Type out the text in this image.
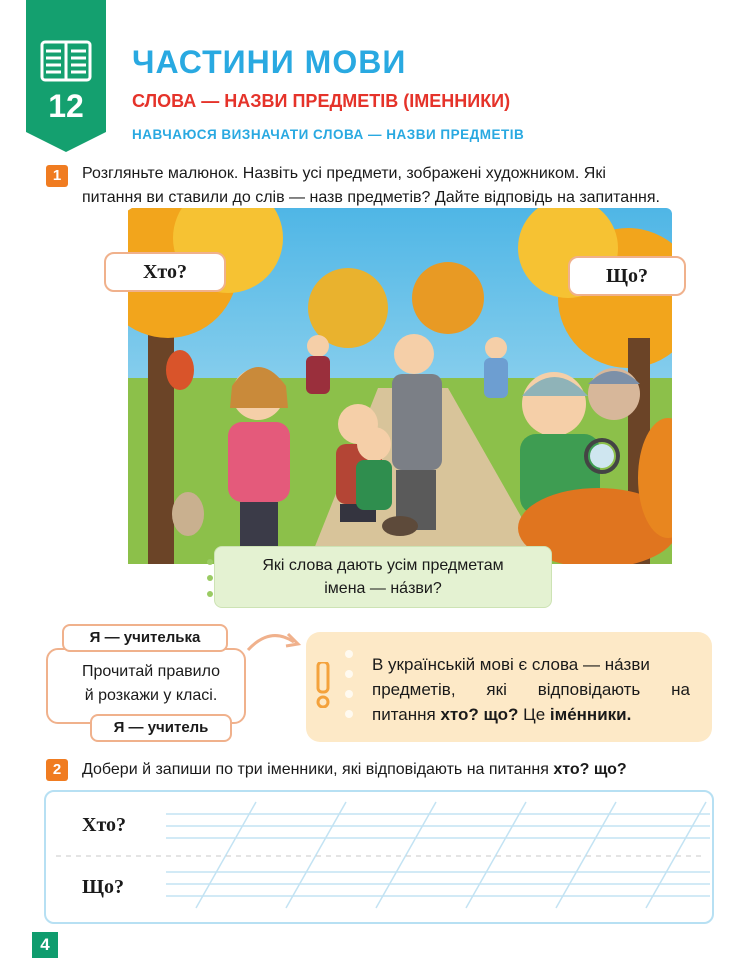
12
ЧАСТИНИ МОВИ
СЛОВА — НАЗВИ ПРЕДМЕТІВ (ІМЕННИКИ)
НАВЧАЮСЯ ВИЗНАЧАТИ СЛОВА — НАЗВИ ПРЕДМЕТІВ
1	Розгляньте малюнок. Назвіть усі предмети, зображені художником. Які
питання ви ставили до слів — назв предметів? Дайте відповідь на запитання.
Хто?	Що?
Які слова дають усім предметам
імена — на́зви?
Прочитай правило
й розкажи у класі.
Я — учителька
Я — учитель
В українській мові є слова — на́зви
предметів, які відповідають на
питання хто? що? Це іме́нники.
2	Добери й запиши по три іменники, які відповідають на питання хто? що?
Хто?
Що?
4
